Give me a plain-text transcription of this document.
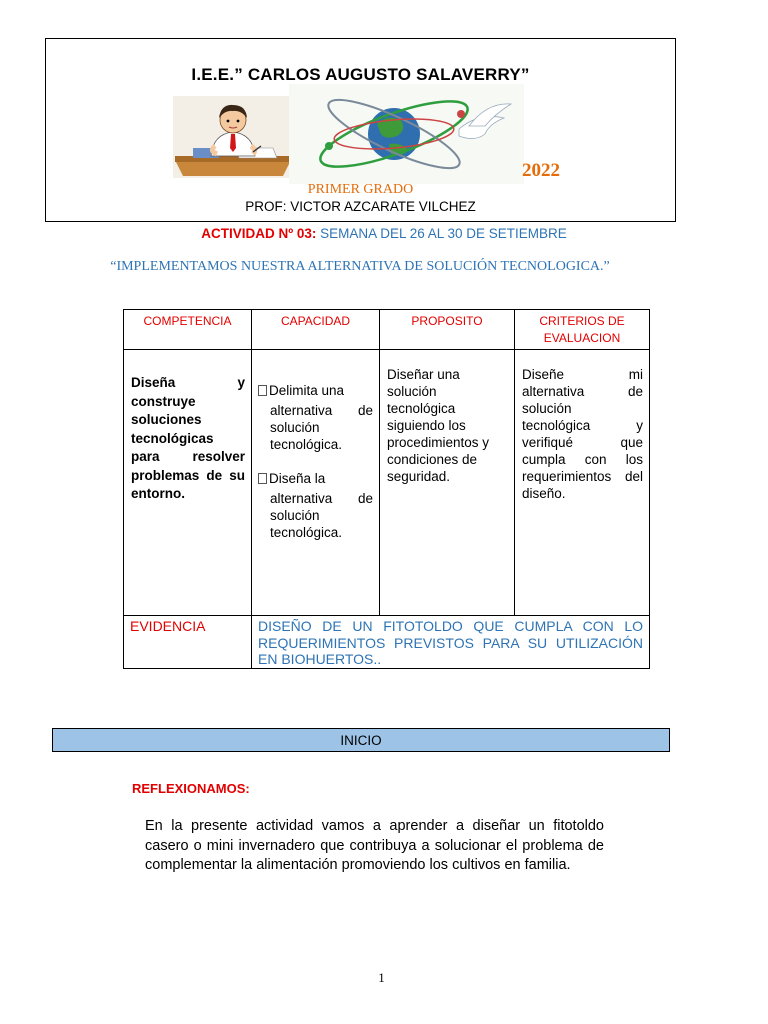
I.E.E.” CARLOS AUGUSTO SALAVERRY”
2022
PRIMER GRADO
PROF: VICTOR AZCARATE VILCHEZ
ACTIVIDAD Nº 03: SEMANA DEL 26 AL 30 DE SETIEMBRE
“IMPLEMENTAMOS NUESTRA ALTERNATIVA DE SOLUCIÓN TECNOLOGICA.”
COMPETENCIA	CAPACIDAD	PROPOSITO	CRITERIOS DE EVALUACION
Diseña y construye soluciones tecnológicas para resolver problemas de su entorno.	Delimita una
alternativa de solución tecnológica.
Diseña la
alternativa de solución tecnológica.	Diseñar una solución tecnológica siguiendo los procedimientos y condiciones de seguridad.	Diseñe mi alternativa de solución tecnológica y verifiqué que cumpla con los requerimientos del diseño.
EVIDENCIA	DISEÑO DE UN FITOTOLDO QUE CUMPLA CON LO REQUERIMIENTOS PREVISTOS PARA SU UTILIZACIÓN EN BIOHUERTOS..		
INICIO
REFLEXIONAMOS:
En la presente actividad vamos a aprender a diseñar un fitotoldo casero o mini invernadero que contribuya a solucionar el problema de complementar la alimentación promoviendo los cultivos en familia.
1
